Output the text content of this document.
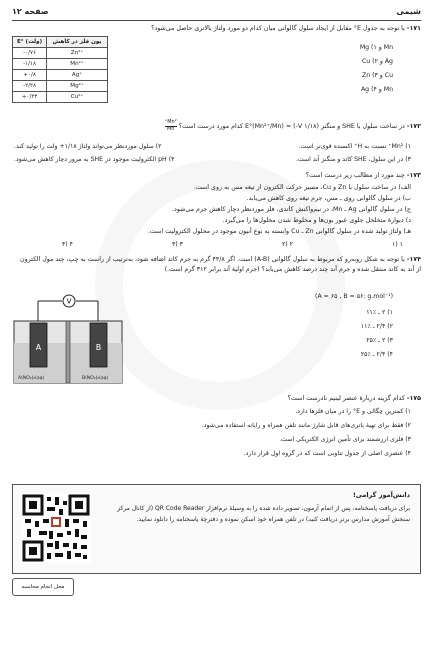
شیمی
صفحه ۱۲
۱۷۱- با توجه به جدول E° مقابل از ایجاد سلول گالوانی میان کدام دو مورد ولتاژ بالاتری حاصل می‌شود؟
Mn و Mg (۱
Ag و Cu (۲
Cu و Zn (۳
Mn و Ag (۴
E° (ولت)	یون فلز در کاهش
-۰/۷۶	Zn²⁺
-۱/۱۸	Mn²⁺
+۰/۸	Ag⁺
-۲/۳۸	Mg²⁺
+۰/۳۴	Cu²⁺
۱۷۲- در ساخت سلول با SHE و منگنز (V ۱/۱۸-) = E°(Mn²⁺/Mn) کدام مورد درست است؟
$\frac{\text{Mn²⁺}}{Mn}$
۱) Mn²⁺ نسبت به H⁺ اکسنده قوی‌تر است.
۲) سلول موردنظر می‌تواند ولتاژ ۱/۱۸+ ولت را تولید کند.
۳) در این سلول، SHE کاتد و منگنز آند است.
۴) pH الکترولیت موجود در SHE به مرور دچار کاهش می‌شود.
۱۷۳- چند مورد از مطالب زیر درست است؟
الف) در ساخت سلول با Zn و Cu، مسیر حرکت الکترون از تیغه مس به روی است.
ب) در سلول گالوانی روی ـ مس، جرم تیغه روی کاهش می‌یابد.
ج) در سلول گالوانی Ag ـ Mn، در نیم‌واکنش کاتدی، فلز موردنظر دچار کاهش جرم می‌شود.
د) دیوارهٔ متخلخل جلوی عبور یون‌ها و مخلوط شدن محلول‌ها را می‌گیرد.
هـ) ولتاژ تولید شده در سلول گالوانی Zn ـ Cu وابسته به نوع آنیون موجود در محلول الکترولیت است.
۱ (۱
۲ (۲
۳ (۳
۴ (۴
۱۷۴- با توجه به شکل روبه‌رو که مربوط به سلول گالوانی (A-B) است. اگر ۴۴/۸ گرم به جرم کاتد اضافه شود، به‌ترتیب از راست به چپ، چند مول الکترون از آند به کاتد منتقل شده و جرم آند چند درصد کاهش می‌یابد؟ (جرم اولیهٔ آند برابر ۳۱۲ گرم است.)
(A = ۶۵ , B = ۵۶: g.mol⁻¹)
۱) ۲ ـ ٪۱۱
۲) ۲/۴ ـ ٪۱۱
۳) ۲ ـ ٪۲۵
۴) ۲/۴ ـ ٪۲۵
V
A	B
A(NO₃)₂(aq)	B(NO₃)₂(aq)
۱۷۵- کدام گزینه دربارهٔ عنصر لیتیم نادرست است؟
۱) کمترین چگالی و E° را در میان فلزها دارد.
۲) فقط برای تهیهٔ باتری‌های قابل شارژ مانند تلفن همراه و رایانه استفاده می‌شود.
۳) فلزی ارزشمند برای تأمین انرژی الکتریکی است.
۴) عنصری اصلی از جدول تناوبی است که در گروه اول قرار دارد.
دانش‌آموز گرامی!
برای دریافت پاسخنامه، پس از اتمام آزمون، تصویر داده شده را به وسیلهٔ نرم‌افزار QR Code Reader (از کانال مرکز سنجش آموزش مدارس برتر دریافت کنید) در تلفن همراه خود اسکن نموده و دفترچهٔ پاسخنامه را دانلود نمایید.
محل انجام محاسبه
